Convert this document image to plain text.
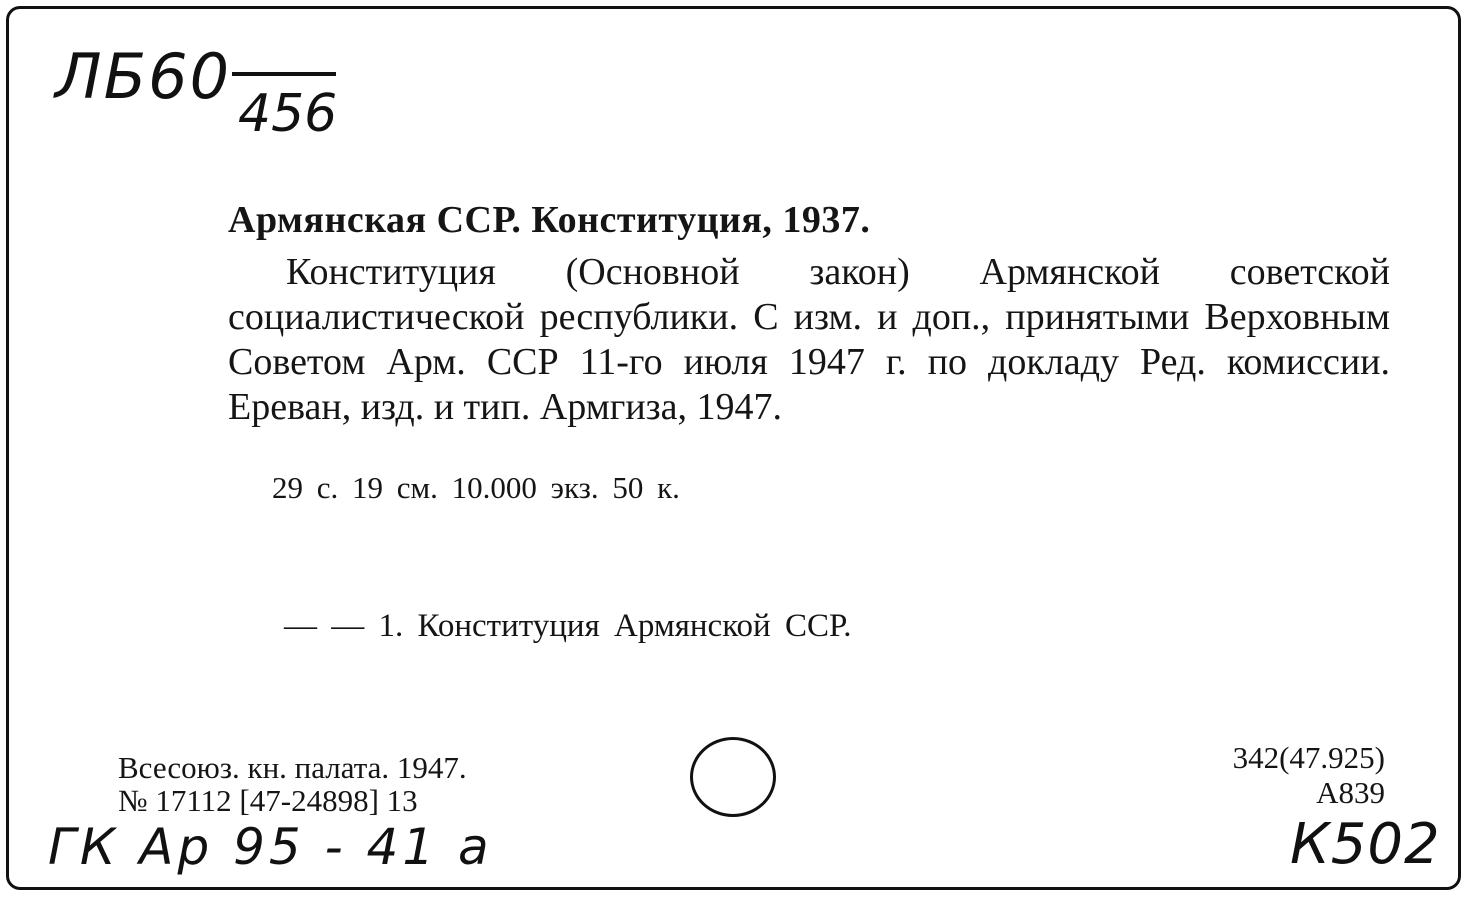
ЛБ60
456
Армянская ССР. Конституция, 1937.
Конституция (Основной закон) Армянской советской социалистической республики. С изм. и доп., принятыми Верховным Советом Арм. ССР 11-го июля 1947 г. по докладу Ред. комиссии. Ереван, изд. и тип. Армгиза, 1947.
29 с. 19 см. 10.000 экз. 50 к.
— — 1. Конституция Армянской ССР.
Всесоюз. кн. палата. 1947.
№ 17112 [47-24898] 13
342(47.925)
А839
ГК Ар 95 - 41 а	К502
